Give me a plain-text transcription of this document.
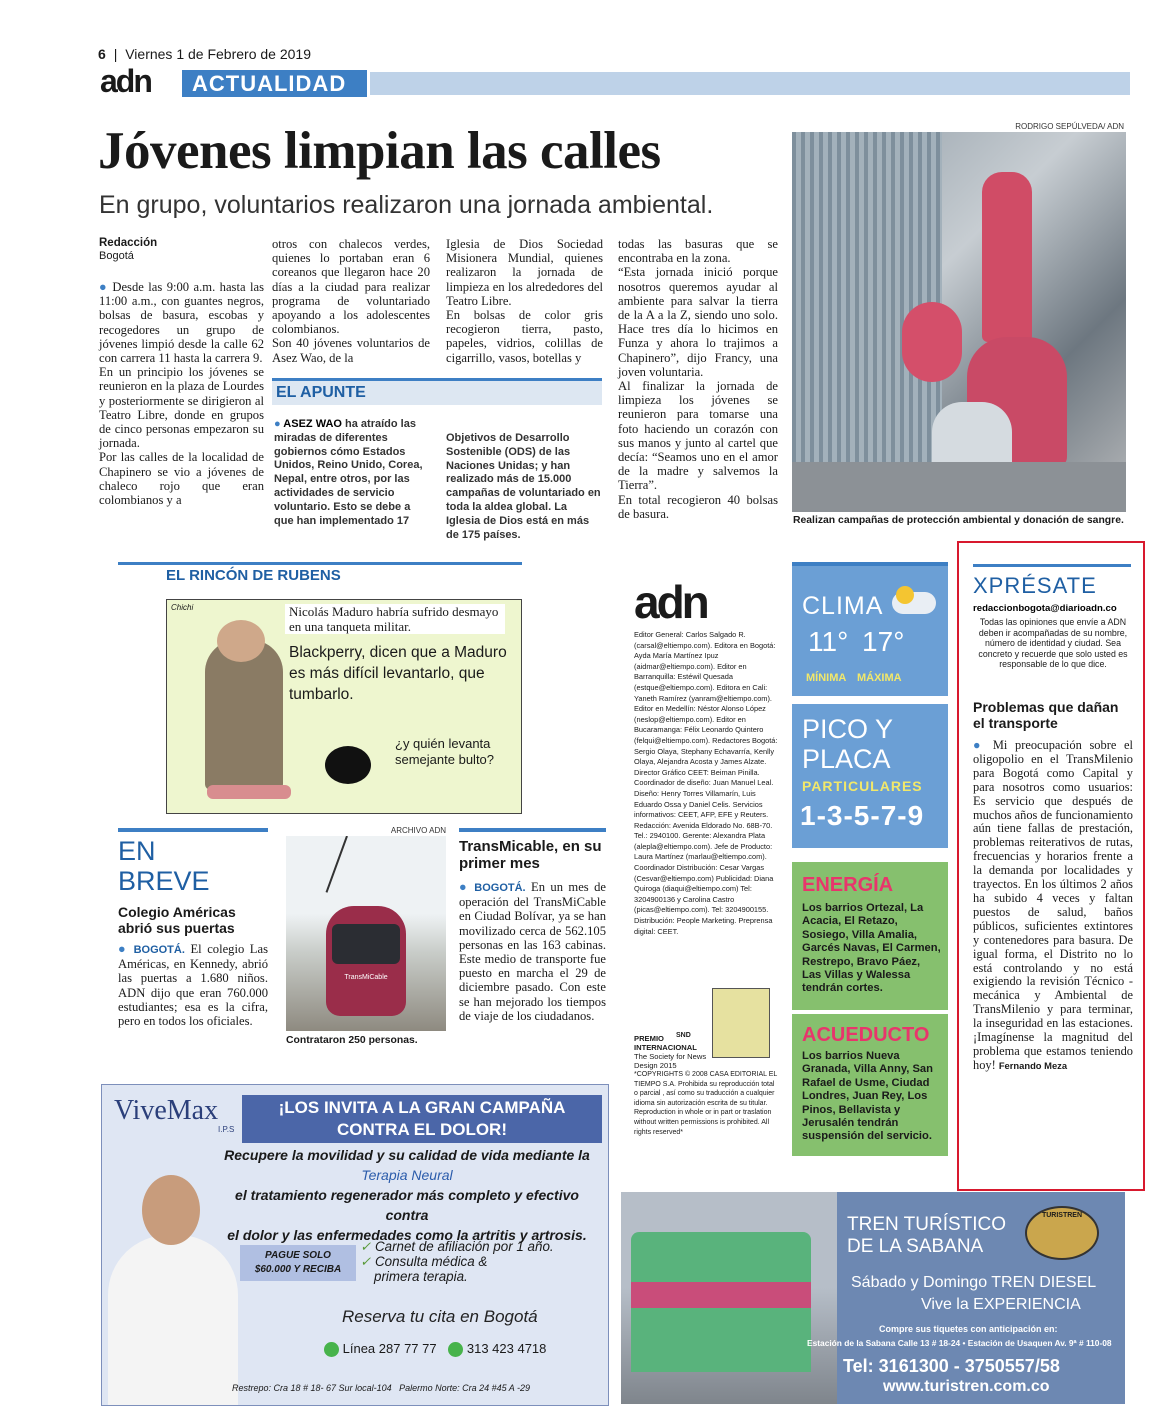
6 | Viernes 1 de Febrero de 2019
adn	ACTUALIDAD
Jóvenes limpian las calles
En grupo, voluntarios realizaron una jornada ambiental.
RODRIGO SEPÚLVEDA/ ADN
Realizan campañas de protección ambiental y donación de sangre.
Redacción
Bogotá
● Desde las 9:00 a.m. hasta las 11:00 a.m., con guantes negros, bolsas de basura, escobas y recogedores un grupo de jóvenes limpió desde la calle 62 con carrera 11 hasta la carrera 9.
En un principio los jóvenes se reunieron en la plaza de Lourdes y posteriormente se dirigieron al Teatro Libre, donde en grupos de cinco personas empezaron su jornada.
Por las calles de la localidad de Chapinero se vio a jóvenes de chaleco rojo que eran colombianos y a
otros con chalecos verdes, quienes lo portaban eran 6 coreanos que llegaron hace 20 días a la ciudad para realizar programa de voluntariado apoyando a los adolescentes colombianos.
Son 40 jóvenes voluntarios de Asez Wao, de la
Iglesia de Dios Sociedad Misionera Mundial, quienes realizaron la jornada de limpieza en los alrededores del Teatro Libre.
En bolsas de color gris recogieron tierra, pasto, papeles, vidrios, colillas de cigarrillo, vasos, botellas y
todas las basuras que se encontraba en la zona.
“Esta jornada inició porque nosotros queremos ayudar al ambiente para salvar la tierra de la A a la Z, siendo uno solo. Hace tres día lo hicimos en Funza y ahora lo trajimos a Chapinero”, dijo Francy, una joven voluntaria.
Al finalizar la jornada de limpieza los jóvenes se reunieron para tomarse una foto haciendo un corazón con sus manos y junto al cartel que decía: “Seamos uno en el amor de la madre y salvemos la Tierra”.
En total recogieron 40 bolsas de basura.
EL APUNTE
● ASEZ WAO ha atraído las miradas de diferentes gobiernos cómo Estados Unidos, Reino Unido, Corea, Nepal, entre otros, por las actividades de servicio voluntario. Esto se debe a que han implementado 17
Objetivos de Desarrollo Sostenible (ODS) de las Naciones Unidas; y han realizado más de 15.000 campañas de voluntariado en toda la aldea global. La Iglesia de Dios está en más de 175 países.
EL RINCÓN DE RUBENS
Chichi	Nicolás Maduro habría sufrido desmayo en una tanqueta militar.
Blackperry, dicen que a Maduro es más difícil levantarlo, que tumbarlo.
¿y quién levanta semejante bulto?
EN
BREVE
Colegio Américas abrió sus puertas
● BOGOTÁ. El colegio Las Américas, en Kennedy, abrió las puertas a 1.680 niños. ADN dijo que eran 760.000 estudiantes; esa es la cifra, pero en todos los oficiales.
ARCHIVO ADN
TransMiCable
Contrataron 250 personas.
TransMicable, en su primer mes
● BOGOTÁ. En un mes de operación del TransMiCable en Ciudad Bolívar, ya se han movilizado cerca de 562.105 personas en las 163 cabinas. Este medio de transporte fue puesto en marcha el 29 de diciembre pasado. Con este se han mejorado los tiempos de viaje de los ciudadanos.
adn
Editor General: Carlos Salgado R. (carsal@eltiempo.com). Editora en Bogotá: Ayda María Martínez Ipuz (aidmar@eltiempo.com). Editor en Barranquilla: Estéwil Quesada (estque@eltiempo.com). Editora en Cali: Yaneth Ramírez (yanram@eltiempo.com). Editor en Medellín: Néstor Alonso López (neslop@eltiempo.com). Editor en Bucaramanga: Félix Leonardo Quintero (felqui@eltiempo.com). Redactores Bogotá: Sergio Olaya, Stephany Echavarría, Kenlly Olaya, Alejandra Acosta y James Alzate. Director Gráfico CEET: Beiman Pinilla. Coordinador de diseño: Juan Manuel Leal. Diseño: Henry Torres Villamarín, Luis Eduardo Ossa y Daniel Celis. Servicios informativos: CEET, AFP, EFE y Reuters. Redacción: Avenida Eldorado No. 68B-70. Tel.: 2940100. Gerente: Alexandra Plata (alepla@eltiempo.com). Jefe de Producto: Laura Martínez (marlau@eltiempo.com). Coordinador Distribución: Cesar Vargas (Cesvar@eltiempo.com) Publicidad: Diana Quiroga (diaqui@eltiempo.com) Tel: 3204900136 y Carolina Castro (picas@eltiempo.com). Tel: 3204900155. Distribución: People Marketing. Preprensa digital: CEET.
PREMIO INTERNACIONAL
The Society for News Design 2015
SND
*COPYRIGHTS © 2008 CASA EDITORIAL EL TIEMPO S.A. Prohibida su reproducción total o parcial , así como su traducción a cualquier idioma sin autorización escrita de su titular. Reproduction in whole or in part or traslation without written permissions is prohibited. All rights reserved*
CLIMA
11° 17°
MÍNIMA MÁXIMA
PICO Y
PLACA
PARTICULARES
1-3-5-7-9
ENERGÍA
Los barrios Ortezal, La Acacia, El Retazo, Sosiego, Villa Amalia, Garcés Navas, El Carmen, Restrepo, Bravo Páez, Las Villas y Walessa tendrán cortes.
ACUEDUCTO
Los barrios Nueva Granada, Villa Anny, San Rafael de Usme, Ciudad Londres, Juan Rey, Los Pinos, Bellavista y Jerusalén tendrán suspensión del servicio.
XPRÉSATE
redaccionbogota@diarioadn.co
Todas las opiniones que envíe a ADN deben ir acompañadas de su nombre, número de identidad y ciudad. Sea concreto y recuerde que solo usted es responsable de lo que dice.
Problemas que dañan el transporte
● Mi preocupación sobre el oligopolio en el TransMilenio para Bogotá como Capital y para nosotros como usuarios: Es servicio que después de muchos años de funcionamiento aún tiene fallas de prestación, problemas reiterativos de rutas, frecuencias y horarios frente a la demanda por localidades y trayectos. En los últimos 2 años ha subido 4 veces y faltan puestos de salud, baños públicos, suficientes extintores y contenedores para basura. De igual forma, el Distrito no lo está controlando y no está exigiendo la revisión Técnico - mecánica y Ambiental de TransMilenio y para terminar, la inseguridad en las estaciones. ¡Imagínense la magnitud del problema que estamos teniendo hoy! Fernando Meza
ViveMax
I.P.S
¡LOS INVITA A LA GRAN CAMPAÑA
CONTRA EL DOLOR!
Recupere la movilidad y su calidad de vida mediante la
Terapia Neural
el tratamiento regenerador más completo y efectivo contra
el dolor y las enfermedades como la artritis y artrosis.
PAGUE SOLO
$60.000 Y RECIBA
✓ Carnet de afiliación por 1 año.
✓ Consulta médica &
primera terapia.
Reserva tu cita en Bogotá
Línea 287 77 77 313 423 4718
Restrepo: Cra 18 # 18- 67 Sur local-104   Palermo Norte: Cra 24 #45 A -29
TREN TURÍSTICO
DE LA SABANA
TURISTREN
Sábado y Domingo TREN DIESEL
Vive la EXPERIENCIA
Compre sus tiquetes con anticipación en:
Estación de la Sabana Calle 13 # 18-24 • Estación de Usaquen Av. 9ª # 110-08
Tel: 3161300 - 3750557/58
www.turistren.com.co
